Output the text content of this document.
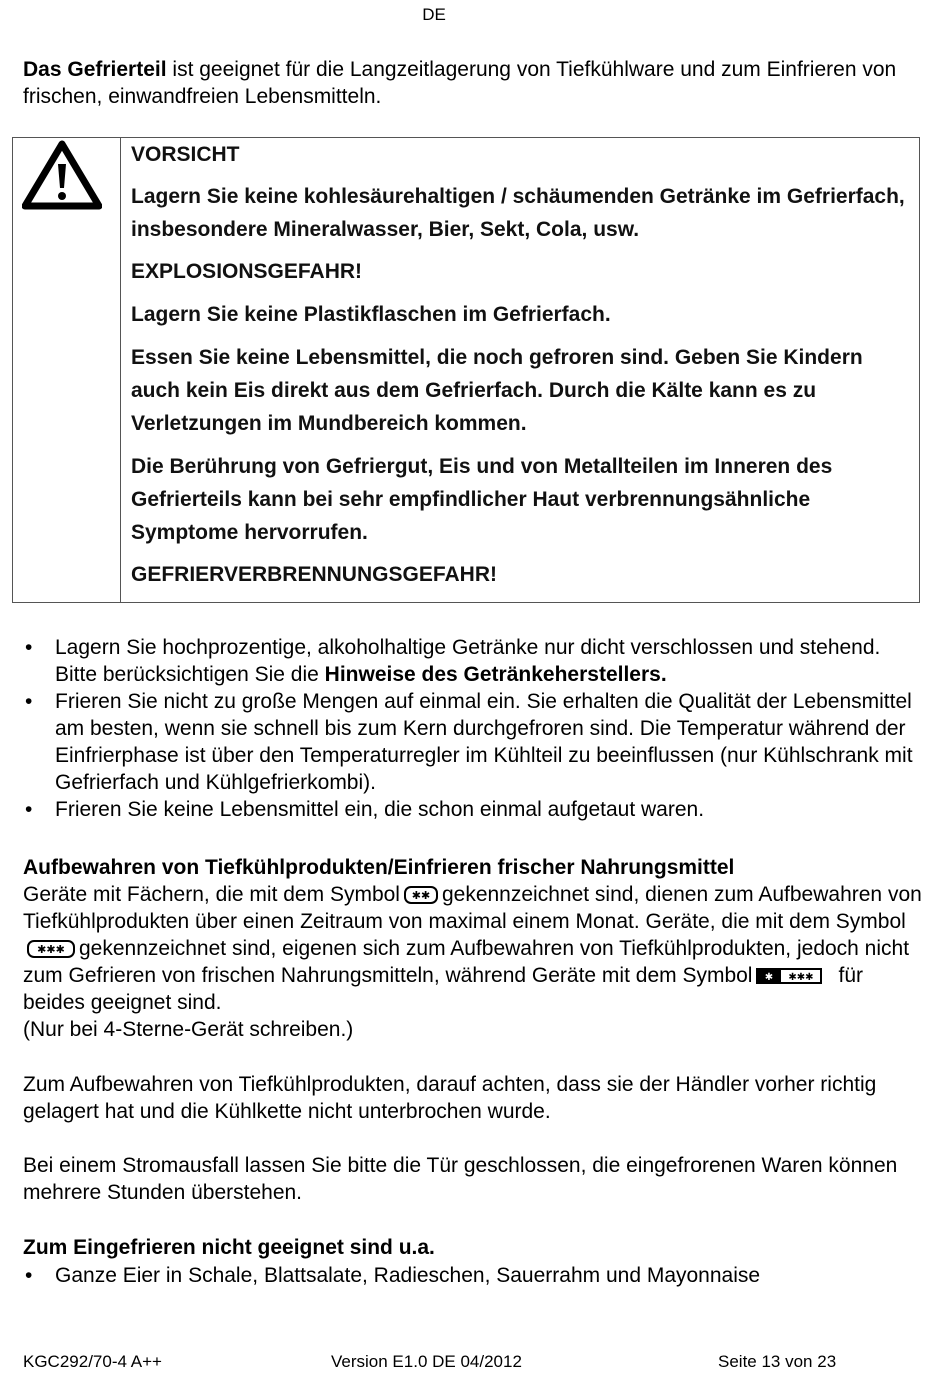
DE

Das Gefrierteil ist geeignet für die Langzeitlagerung von Tiefkühlware und zum Einfrieren von frischen, einwandfreien Lebensmitteln.

VORSICHT
Lagern Sie keine kohlesäurehaltigen / schäumenden Getränke im Gefrierfach, insbesondere Mineralwasser, Bier, Sekt, Cola, usw.
EXPLOSIONSGEFAHR!
Lagern Sie keine Plastikflaschen im Gefrierfach.
Essen Sie keine Lebensmittel, die noch gefroren sind. Geben Sie Kindern auch kein Eis direkt aus dem Gefrierfach. Durch die Kälte kann es zu Verletzungen im Mundbereich kommen.
Die Berührung von Gefriergut, Eis und von Metallteilen im Inneren des Gefrierteils kann bei sehr empfindlicher Haut verbrennungsähnliche Symptome hervorrufen.
GEFRIERVERBRENNUNGSGEFAHR!
• Lagern Sie hochprozentige, alkoholhaltige Getränke nur dicht verschlossen und stehend. Bitte berücksichtigen Sie die Hinweise des Getränkeherstellers.
• Frieren Sie nicht zu große Mengen auf einmal ein. Sie erhalten die Qualität der Lebensmittel am besten, wenn sie schnell bis zum Kern durchgefroren sind. Die Temperatur während der Einfrierphase ist über den Temperaturregler im Kühlteil zu beeinflussen (nur Kühlschrank mit Gefrierfach und Kühlgefrierkombi).
• Frieren Sie keine Lebensmittel ein, die schon einmal aufgetaut waren.

Aufbewahren von Tiefkühlprodukten/Einfrieren frischer Nahrungsmittel

Geräte mit Fächern, die mit dem Symbol ✱✱ gekennzeichnet sind, dienen zum Aufbewahren von Tiefkühlprodukten über einen Zeitraum von maximal einem Monat. Geräte, die mit dem Symbol
✱✱✱ gekennzeichnet sind, eigenen sich zum Aufbewahren von Tiefkühlprodukten, jedoch nicht zum Gefrieren von frischen Nahrungsmitteln, während Geräte mit dem Symbol ✱ ✱✱✱ für beides geeignet sind.
(Nur bei 4-Sterne-Gerät schreiben.)

Zum Aufbewahren von Tiefkühlprodukten, darauf achten, dass sie der Händler vorher richtig gelagert hat und die Kühlkette nicht unterbrochen wurde.

Bei einem Stromausfall lassen Sie bitte die Tür geschlossen, die eingefrorenen Waren können mehrere Stunden überstehen.

Zum Eingefrieren nicht geeignet sind u.a.

• Ganze Eier in Schale, Blattsalate, Radieschen, Sauerrahm und Mayonnaise
KGC292/70-4 A++	Version E1.0 DE 04/2012	Seite 13 von 23
